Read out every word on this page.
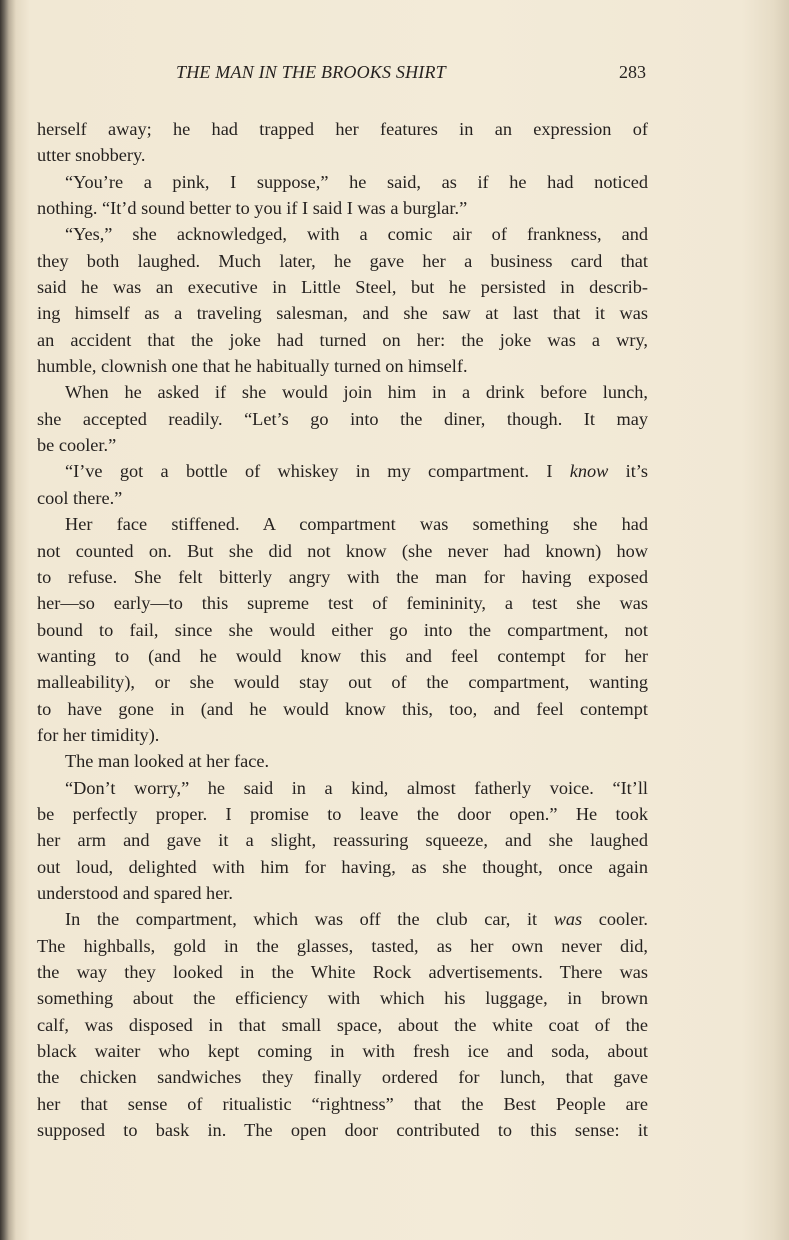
THE MAN IN THE BROOKS SHIRT	283
herself away; he had trapped her features in an expression of
utter snobbery.
“You’re a pink, I suppose,” he said, as if he had noticed
nothing. “It’d sound better to you if I said I was a burglar.”
“Yes,” she acknowledged, with a comic air of frankness, and
they both laughed. Much later, he gave her a business card that
said he was an executive in Little Steel, but he persisted in describ-
ing himself as a traveling salesman, and she saw at last that it was
an accident that the joke had turned on her: the joke was a wry,
humble, clownish one that he habitually turned on himself.
When he asked if she would join him in a drink before lunch,
she accepted readily. “Let’s go into the diner, though. It may
be cooler.”
“I’ve got a bottle of whiskey in my compartment. I know it’s
cool there.”
Her face stiffened. A compartment was something she had
not counted on. But she did not know (she never had known) how
to refuse. She felt bitterly angry with the man for having exposed
her—so early—to this supreme test of femininity, a test she was
bound to fail, since she would either go into the compartment, not
wanting to (and he would know this and feel contempt for her
malleability), or she would stay out of the compartment, wanting
to have gone in (and he would know this, too, and feel contempt
for her timidity).
The man looked at her face.
“Don’t worry,” he said in a kind, almost fatherly voice. “It’ll
be perfectly proper. I promise to leave the door open.” He took
her arm and gave it a slight, reassuring squeeze, and she laughed
out loud, delighted with him for having, as she thought, once again
understood and spared her.
In the compartment, which was off the club car, it was cooler.
The highballs, gold in the glasses, tasted, as her own never did,
the way they looked in the White Rock advertisements. There was
something about the efficiency with which his luggage, in brown
calf, was disposed in that small space, about the white coat of the
black waiter who kept coming in with fresh ice and soda, about
the chicken sandwiches they finally ordered for lunch, that gave
her that sense of ritualistic “rightness” that the Best People are
supposed to bask in. The open door contributed to this sense: it
